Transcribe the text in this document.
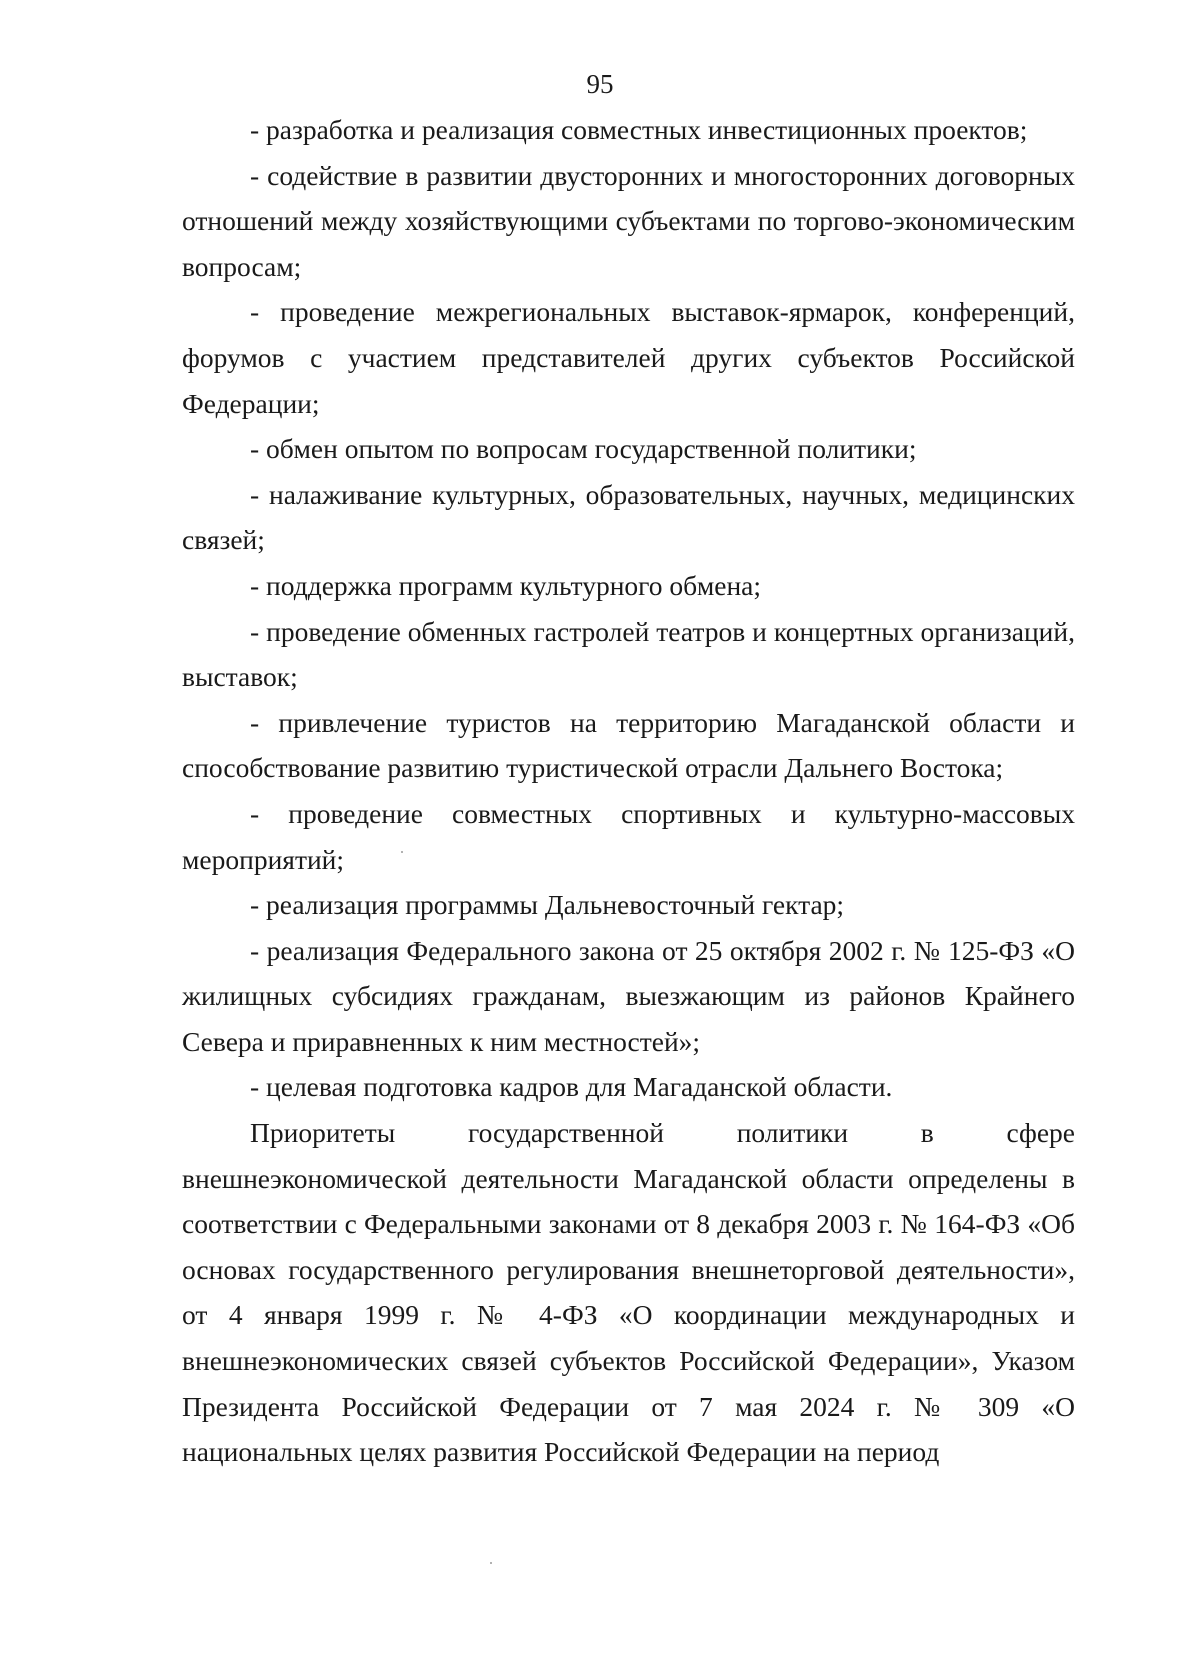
95

- разработка и реализация совместных инвестиционных проектов;

- содействие в развитии двусторонних и многосторонних договорных отношений между хозяйствующими субъектами по торгово-экономическим вопросам;

- проведение межрегиональных выставок-ярмарок, конференций, форумов с участием представителей других субъектов Российской Федерации;

- обмен опытом по вопросам государственной политики;

- налаживание культурных, образовательных, научных, медицинских связей;

- поддержка программ культурного обмена;

- проведение обменных гастролей театров и концертных организаций, выставок;

- привлечение туристов на территорию Магаданской области и способствование развитию туристической отрасли Дальнего Востока;

- проведение совместных спортивных и культурно-массовых мероприятий;

- реализация программы Дальневосточный гектар;

- реализация Федерального закона от 25 октября 2002 г. № 125-ФЗ «О жилищных субсидиях гражданам, выезжающим из районов Крайнего Севера и приравненных к ним местностей»;

- целевая подготовка кадров для Магаданской области.

Приоритеты государственной политики в сфере внешнеэкономической деятельности Магаданской области определены в соответствии с Федеральными законами от 8 декабря 2003 г. № 164-ФЗ «Об основах государственного регулирования внешнеторговой деятельности», от 4 января 1999 г. № 4-ФЗ «О координации международных и внешнеэкономических связей субъектов Российской Федерации», Указом Президента Российской Федерации от 7 мая 2024 г. № 309 «О национальных целях развития Российской Федерации на период
